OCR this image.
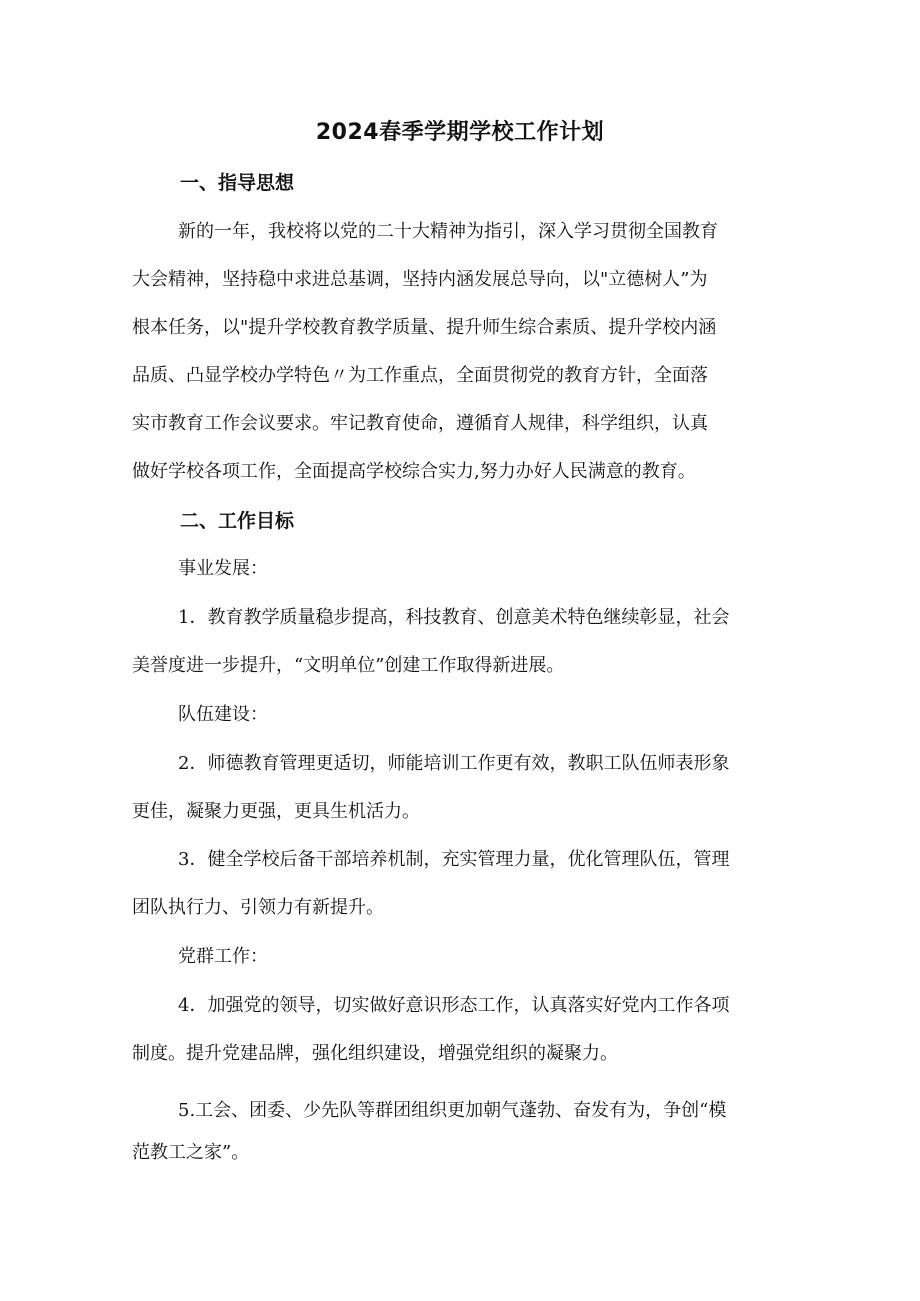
2024春季学期学校工作计划
一、指导思想
新的一年，我校将以党的二十大精神为指引，深入学习贯彻全国教育
大会精神，坚持稳中求进总基调，坚持内涵发展总导向，以"立德树人”为
根本任务，以"提升学校教育教学质量、提升师生综合素质、提升学校内涵
品质、凸显学校办学特色〃为工作重点，全面贯彻党的教育方针，全面落
实市教育工作会议要求。牢记教育使命，遵循育人规律，科学组织，认真
做好学校各项工作，全面提高学校综合实力,努力办好人民满意的教育。
二、工作目标
事业发展：
1．教育教学质量稳步提高，科技教育、创意美术特色继续彰显，社会
美誉度进一步提升，“文明单位”创建工作取得新进展。
队伍建设：
2．师德教育管理更适切，师能培训工作更有效，教职工队伍师表形象
更佳，凝聚力更强，更具生机活力。
3．健全学校后备干部培养机制，充实管理力量，优化管理队伍，管理
团队执行力、引领力有新提升。
党群工作：
4．加强党的领导，切实做好意识形态工作，认真落实好党内工作各项
制度。提升党建品牌，强化组织建设，增强党组织的凝聚力。
5.工会、团委、少先队等群团组织更加朝气蓬勃、奋发有为，争创“模
范教工之家”。
